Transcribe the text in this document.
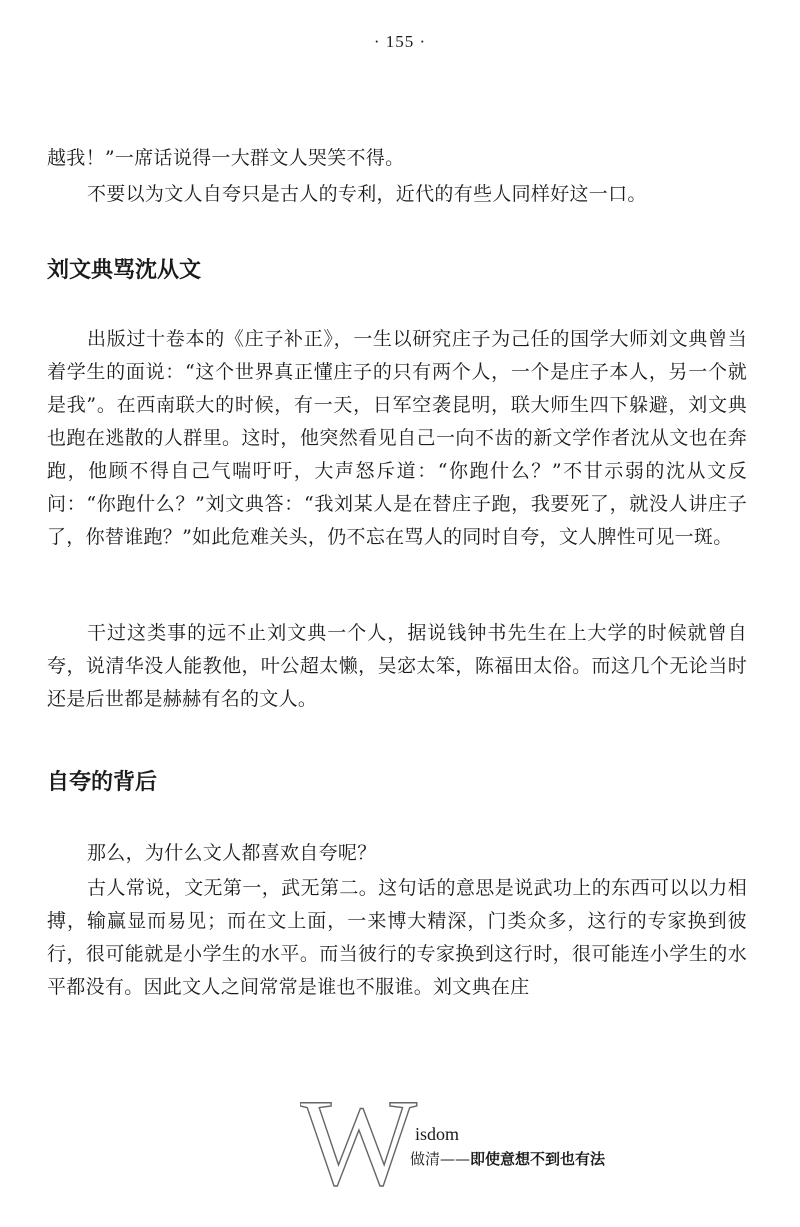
· 155 ·

越我！”一席话说得一大群文人哭笑不得。

不要以为文人自夸只是古人的专利，近代的有些人同样好这一口。

刘文典骂沈从文

出版过十卷本的《庄子补正》，一生以研究庄子为己任的国学大师刘文典曾当着学生的面说：“这个世界真正懂庄子的只有两个人，一个是庄子本人，另一个就是我”。在西南联大的时候，有一天，日军空袭昆明，联大师生四下躲避，刘文典也跑在逃散的人群里。这时，他突然看见自己一向不齿的新文学作者沈从文也在奔跑，他顾不得自己气喘吁吁，大声怒斥道：“你跑什么？”不甘示弱的沈从文反问：“你跑什么？”刘文典答：“我刘某人是在替庄子跑，我要死了，就没人讲庄子了，你替谁跑？”如此危难关头，仍不忘在骂人的同时自夸，文人脾性可见一斑。

干过这类事的远不止刘文典一个人，据说钱钟书先生在上大学的时候就曾自夸，说清华没人能教他，叶公超太懒，吴宓太笨，陈福田太俗。而这几个无论当时还是后世都是赫赫有名的文人。

自夸的背后

那么，为什么文人都喜欢自夸呢？

古人常说，文无第一，武无第二。这句话的意思是说武功上的东西可以以力相搏，输赢显而易见；而在文上面，一来博大精深，门类众多，这行的专家换到彼行，很可能就是小学生的水平。而当彼行的专家换到这行时，很可能连小学生的水平都没有。因此文人之间常常是谁也不服谁。刘文典在庄

W
isdom
做清——即使意想不到也有法
